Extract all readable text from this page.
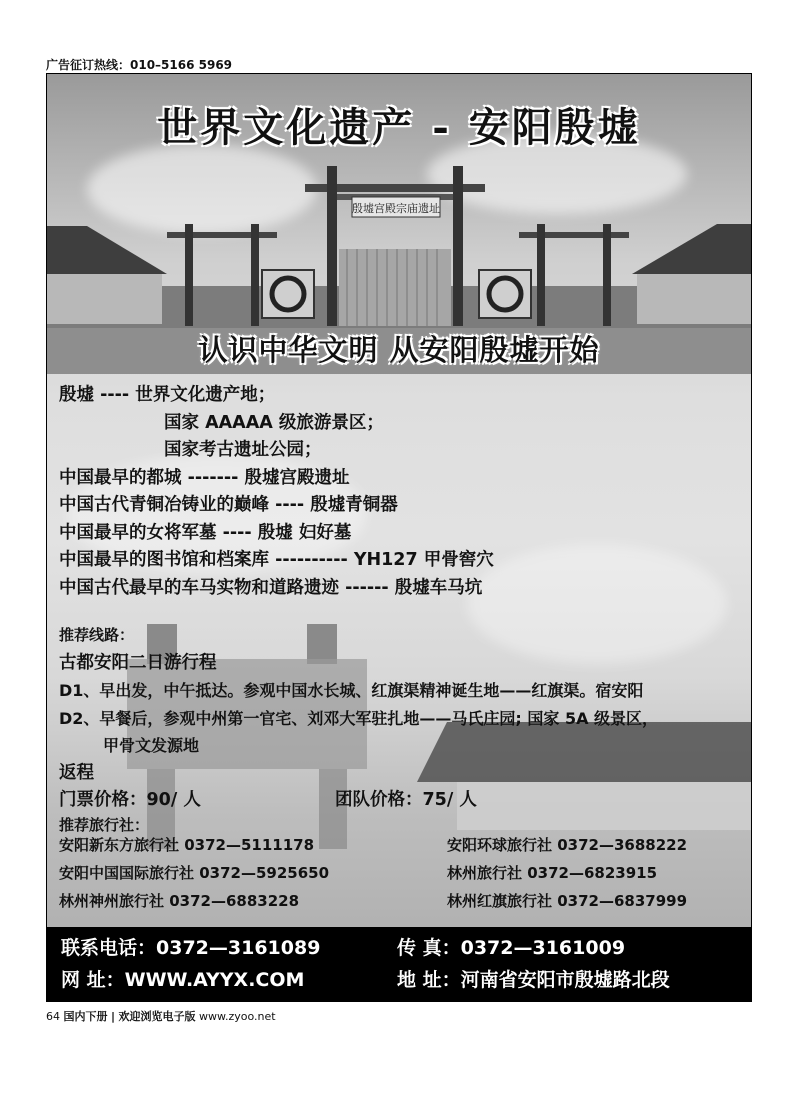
广告征订热线：010–5166 5969
殷墟宫殿宗庙遗址
世界文化遗产 - 安阳殷墟
认识中华文明 从安阳殷墟开始
殷墟 ---- 世界文化遗产地；
国家 AAAAA 级旅游景区；
国家考古遗址公园；
中国最早的都城 ------- 殷墟宫殿遗址
中国古代青铜冶铸业的巅峰 ---- 殷墟青铜器
中国最早的女将军墓 ---- 殷墟 妇好墓
中国最早的图书馆和档案库 ---------- YH127 甲骨窖穴
中国古代最早的车马实物和道路遗迹 ------ 殷墟车马坑
推荐线路：
古都安阳二日游行程
D1、早出发，中午抵达。参观中国水长城、红旗渠精神诞生地——红旗渠。宿安阳
D2、早餐后，参观中州第一官宅、刘邓大军驻扎地——马氏庄园; 国家 5A 级景区，
甲骨文发源地
返程
门票价格：90/ 人	团队价格：75/ 人
推荐旅行社：
安阳新东方旅行社 0372—5111178	安阳环球旅行社 0372—3688222
安阳中国国际旅行社 0372—5925650	林州旅行社 0372—6823915
林州神州旅行社 0372—6883228	林州红旗旅行社 0372—6837999
联系电话：0372—3161089	传 真：0372—3161009
网 址：WWW.AYYX.COM	地 址：河南省安阳市殷墟路北段
64 国内下册 | 欢迎浏览电子版 www.zyoo.net
